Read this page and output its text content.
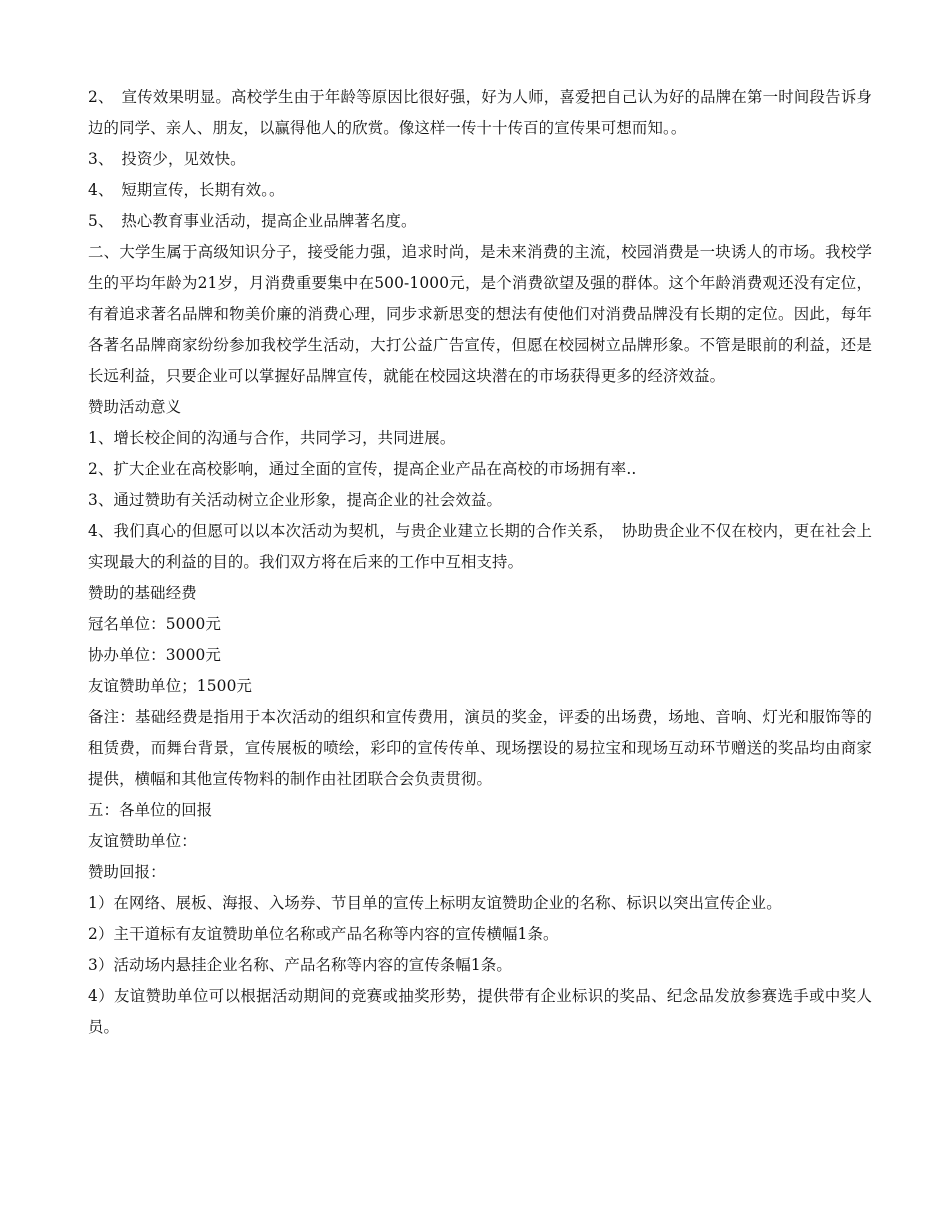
2、　宣传效果明显。高校学生由于年龄等原因比很好强，好为人师，喜爱把自己认为好的品牌在第一时间段告诉身边的同学、亲人、朋友，以赢得他人的欣赏。像这样一传十十传百的宣传果可想而知。。

3、　投资少，见效快。

4、　短期宣传，长期有效。。

5、　热心教育事业活动，提高企业品牌著名度。

二、大学生属于高级知识分子，接受能力强，追求时尚，是未来消费的主流，校园消费是一块诱人的市场。我校学生的平均年龄为21岁，月消费重要集中在500-1000元，是个消费欲望及强的群体。这个年龄消费观还没有定位，有着追求著名品牌和物美价廉的消费心理，同步求新思变的想法有使他们对消费品牌没有长期的定位。因此，每年各著名品牌商家纷纷参加我校学生活动，大打公益广告宣传，但愿在校园树立品牌形象。不管是眼前的利益，还是长远利益，只要企业可以掌握好品牌宣传，就能在校园这块潜在的市场获得更多的经济效益。

赞助活动意义

1、增长校企间的沟通与合作，共同学习，共同进展。

2、扩大企业在高校影响，通过全面的宣传，提高企业产品在高校的市场拥有率..

3、通过赞助有关活动树立企业形象，提高企业的社会效益。

4、我们真心的但愿可以以本次活动为契机，与贵企业建立长期的合作关系，　协助贵企业不仅在校内，更在社会上实现最大的利益的目的。我们双方将在后来的工作中互相支持。

赞助的基础经费

冠名单位：5000元

协办单位：3000元

友谊赞助单位；1500元

备注：基础经费是指用于本次活动的组织和宣传费用，演员的奖金，评委的出场费，场地、音响、灯光和服饰等的租赁费，而舞台背景，宣传展板的喷绘，彩印的宣传传单、现场摆设的易拉宝和现场互动环节赠送的奖品均由商家提供，横幅和其他宣传物料的制作由社团联合会负责贯彻。

五：各单位的回报

友谊赞助单位：

赞助回报：

1）在网络、展板、海报、入场券、节目单的宣传上标明友谊赞助企业的名称、标识以突出宣传企业。

2）主干道标有友谊赞助单位名称或产品名称等内容的宣传横幅1条。

3）活动场内悬挂企业名称、产品名称等内容的宣传条幅1条。

4）友谊赞助单位可以根据活动期间的竞赛或抽奖形势，提供带有企业标识的奖品、纪念品发放参赛选手或中奖人员。
